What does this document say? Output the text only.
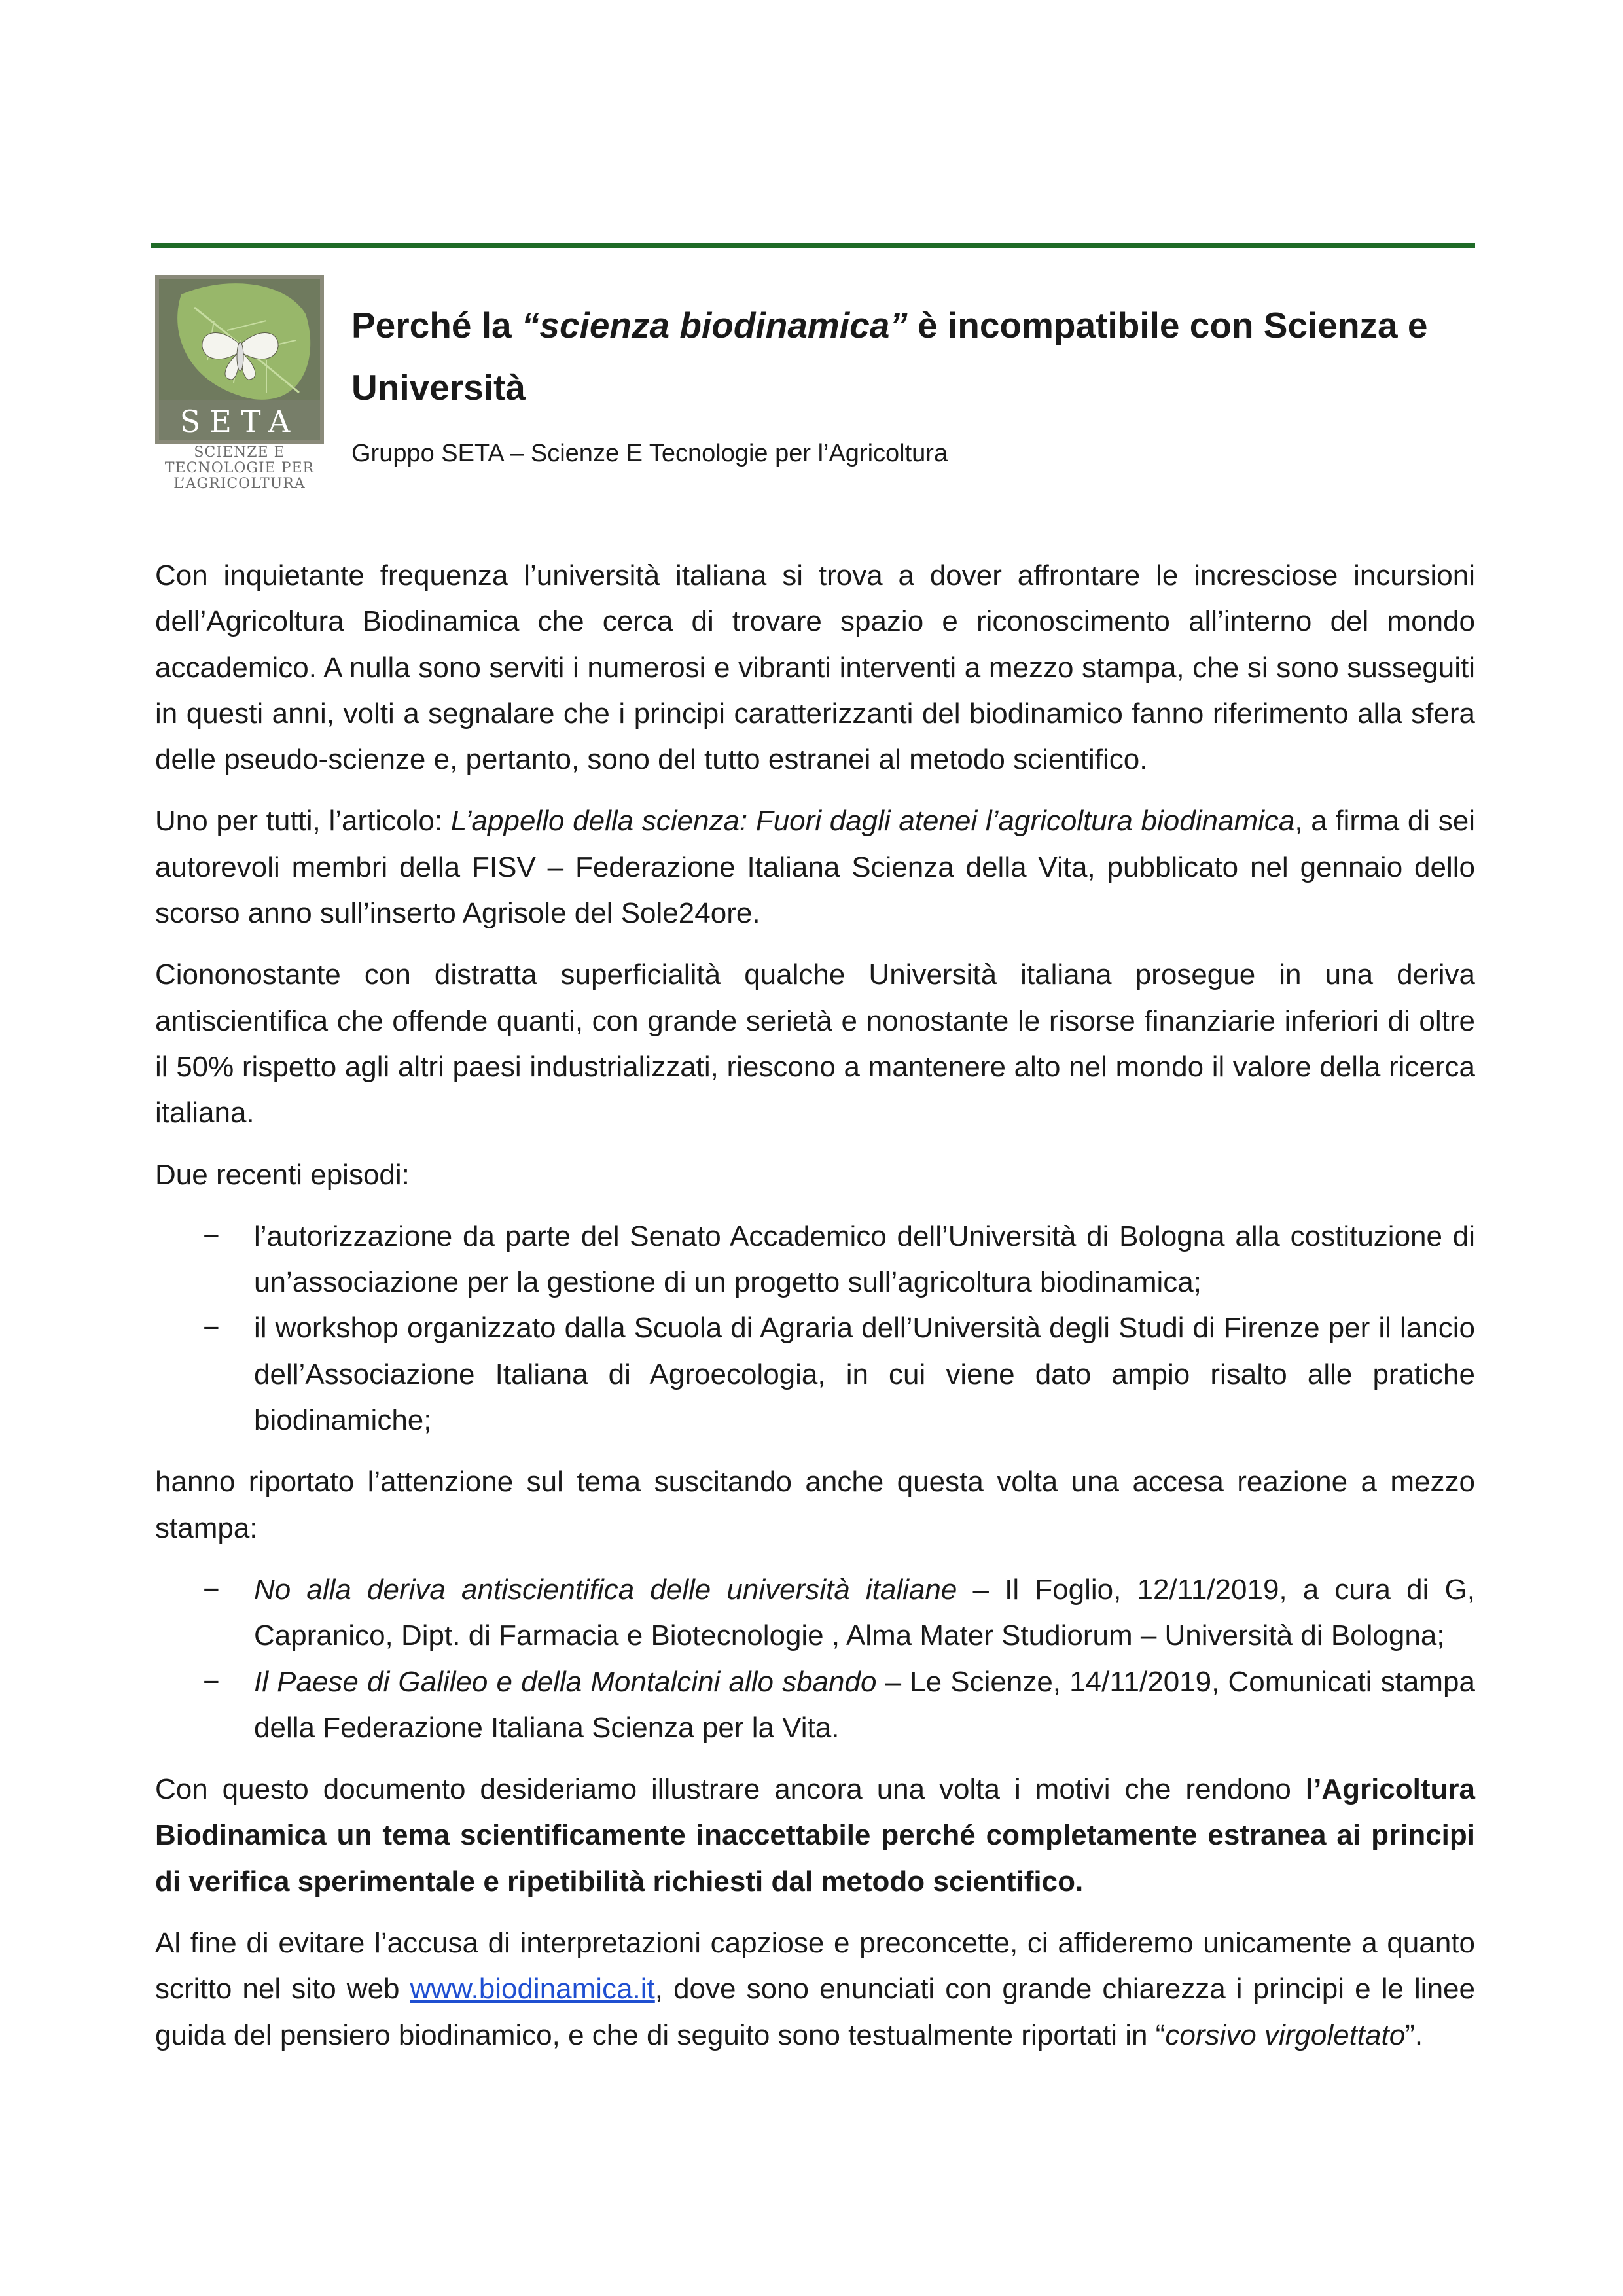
SETA
SCIENZE E
TECNOLOGIE PER
L’AGRICOLTURA
Perché la “scienza biodinamica” è incompatibile con Scienza e Università
Gruppo SETA – Scienze E Tecnologie per l’Agricoltura

Con inquietante frequenza l’università italiana si trova a dover affrontare le incresciose incursioni dell’Agricoltura Biodinamica che cerca di trovare spazio e riconoscimento all’interno del mondo accademico. A nulla sono serviti i numerosi e vibranti interventi a mezzo stampa, che si sono susseguiti in questi anni, volti a segnalare che i principi caratterizzanti del biodinamico fanno riferimento alla sfera delle pseudo-scienze e, pertanto, sono del tutto estranei al metodo scientifico.

Uno per tutti, l’articolo: L’appello della scienza: Fuori dagli atenei l’agricoltura biodinamica, a firma di sei autorevoli membri della FISV – Federazione Italiana Scienza della Vita, pubblicato nel gennaio dello scorso anno sull’inserto Agrisole del Sole24ore.

Ciononostante con distratta superficialità qualche Università italiana prosegue in una deriva antiscientifica che offende quanti, con grande serietà e nonostante le risorse finanziarie inferiori di oltre il 50% rispetto agli altri paesi industrializzati, riescono a mantenere alto nel mondo il valore della ricerca italiana.

Due recenti episodi:

− l’autorizzazione da parte del Senato Accademico dell’Università di Bologna alla costituzione di un’associazione per la gestione di un progetto sull’agricoltura biodinamica;
− il workshop organizzato dalla Scuola di Agraria dell’Università degli Studi di Firenze per il lancio dell’Associazione Italiana di Agroecologia, in cui viene dato ampio risalto alle pratiche biodinamiche;

hanno riportato l’attenzione sul tema suscitando anche questa volta una accesa reazione a mezzo stampa:

− No alla deriva antiscientifica delle università italiane – Il Foglio, 12/11/2019, a cura di G, Capranico, Dipt. di Farmacia e Biotecnologie , Alma Mater Studiorum – Università di Bologna;
− Il Paese di Galileo e della Montalcini allo sbando – Le Scienze, 14/11/2019, Comunicati stampa della Federazione Italiana Scienza per la Vita.

Con questo documento desideriamo illustrare ancora una volta i motivi che rendono l’Agricoltura Biodinamica un tema scientificamente inaccettabile perché completamente estranea ai principi di verifica sperimentale e ripetibilità richiesti dal metodo scientifico.

Al fine di evitare l’accusa di interpretazioni capziose e preconcette, ci affideremo unicamente a quanto scritto nel sito web www.biodinamica.it, dove sono enunciati con grande chiarezza i principi e le linee guida del pensiero biodinamico, e che di seguito sono testualmente riportati in “corsivo virgolettato”.
